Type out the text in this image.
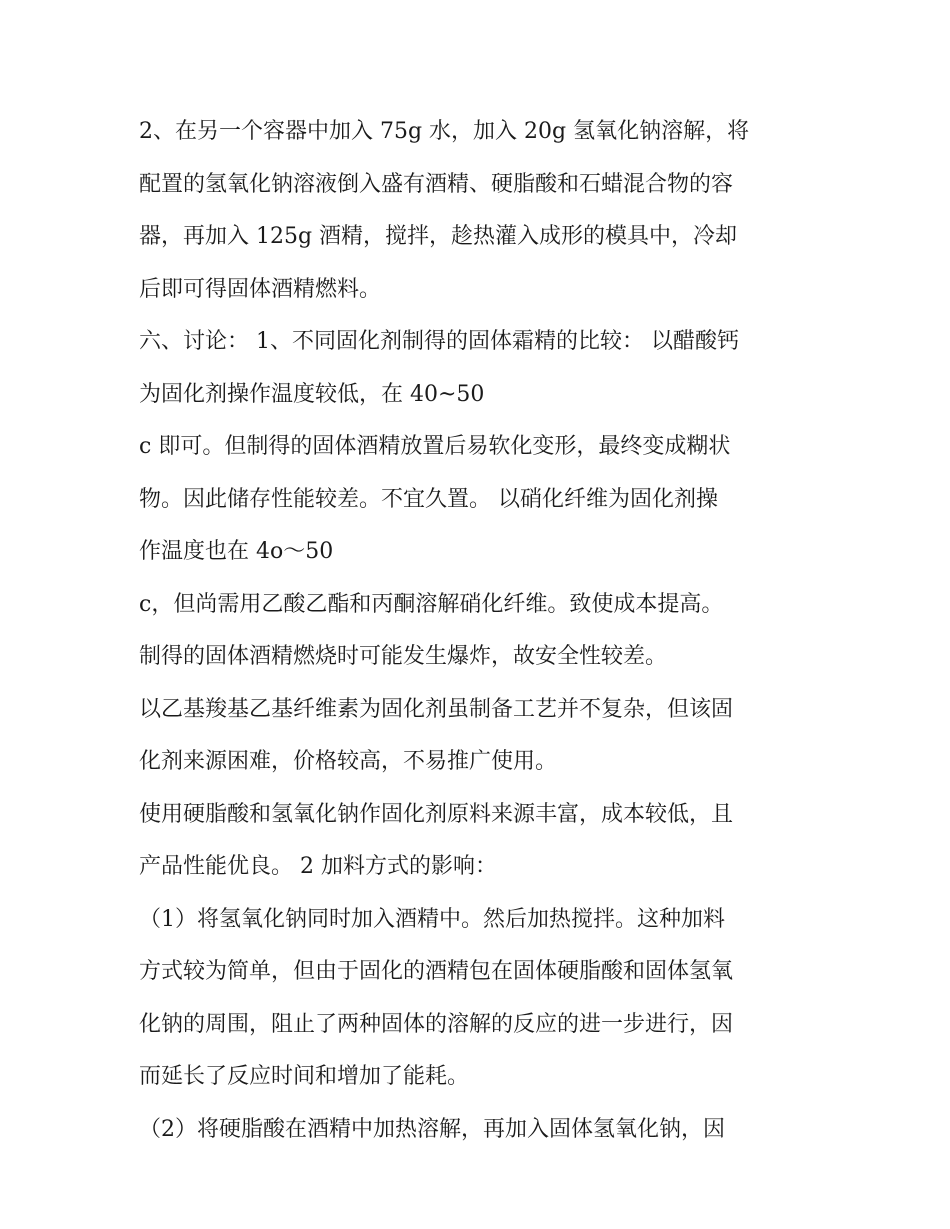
2、在另一个容器中加入 75g 水，加入 20g 氢氧化钠溶解，将
配置的氢氧化钠溶液倒入盛有酒精、硬脂酸和石蜡混合物的容
器，再加入 125g 酒精，搅拌，趁热灌入成形的模具中，冷却
后即可得固体酒精燃料。
六、讨论： 1、不同固化剂制得的固体霜精的比较： 以醋酸钙
为固化剂操作温度较低，在 40~50
c 即可。但制得的固体酒精放置后易软化变形，最终变成糊状
物。因此储存性能较差。不宜久置。 以硝化纤维为固化剂操
作温度也在 4o～50
c，但尚需用乙酸乙酯和丙酮溶解硝化纤维。致使成本提高。
制得的固体酒精燃烧时可能发生爆炸，故安全性较差。
以乙基羧基乙基纤维素为固化剂虽制备工艺并不复杂，但该固
化剂来源困难，价格较高，不易推广使用。
使用硬脂酸和氢氧化钠作固化剂原料来源丰富，成本较低，且
产品性能优良。 2 加料方式的影响：
（1）将氢氧化钠同时加入酒精中。然后加热搅拌。这种加料
方式较为简单，但由于固化的酒精包在固体硬脂酸和固体氢氧
化钠的周围，阻止了两种固体的溶解的反应的进一步进行，因
而延长了反应时间和增加了能耗。
（2）将硬脂酸在酒精中加热溶解，再加入固体氢氧化钠，因
